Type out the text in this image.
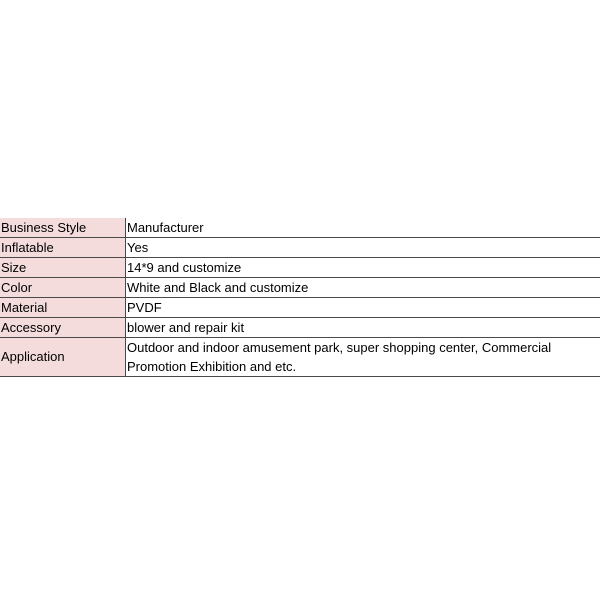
Business Style	Manufacturer
Inflatable	Yes
Size	14*9 and customize
Color	White and Black and customize
Material	PVDF
Accessory	blower and repair kit
Application	Outdoor and indoor amusement park, super shopping center, Commercial Promotion Exhibition and etc.
